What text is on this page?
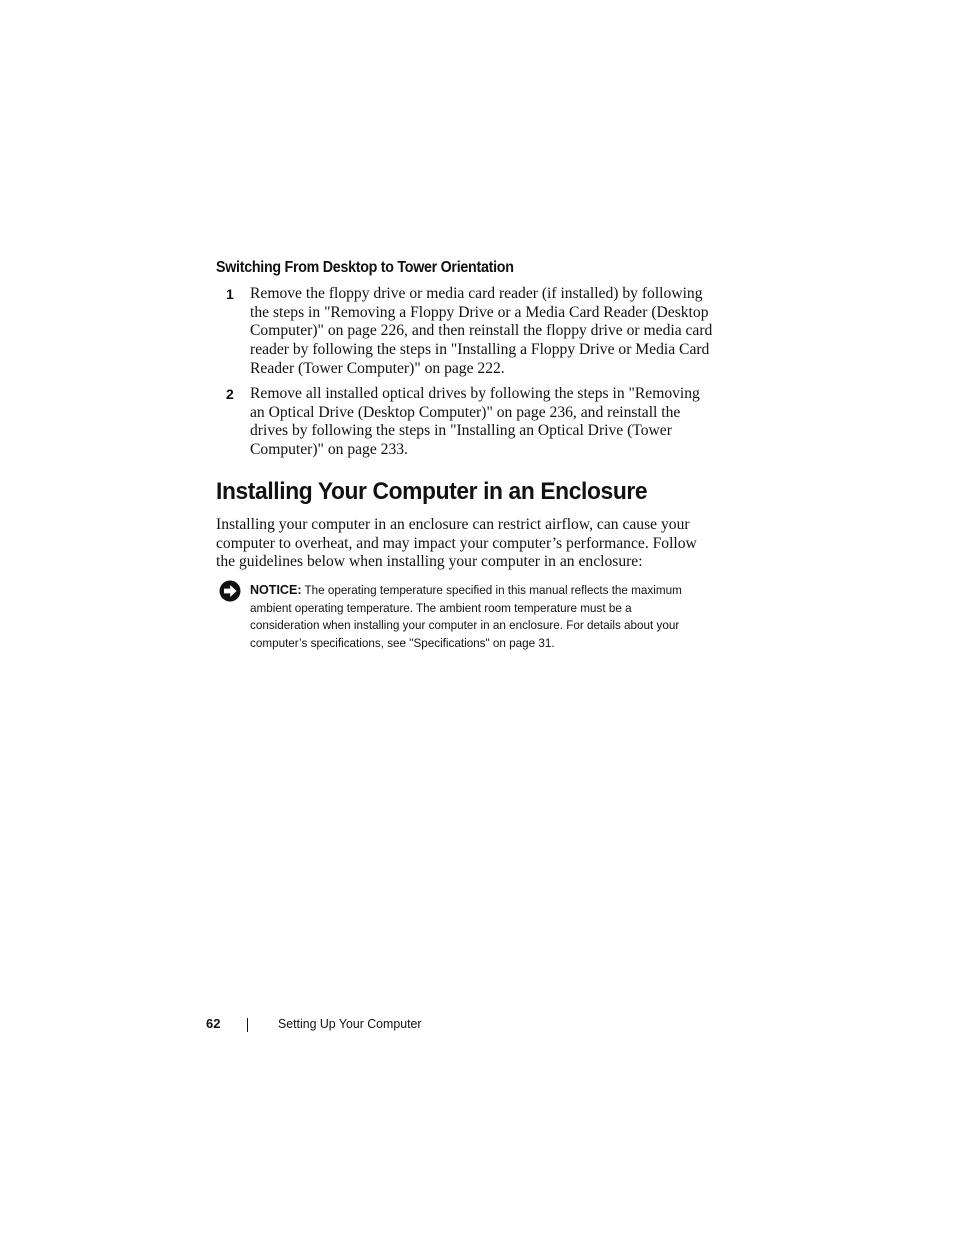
Switching From Desktop to Tower Orientation
1 Remove the floppy drive or media card reader (if installed) by following the steps in "Removing a Floppy Drive or a Media Card Reader (Desktop Computer)" on page 226, and then reinstall the floppy drive or media card reader by following the steps in "Installing a Floppy Drive or Media Card Reader (Tower Computer)" on page 222.

2 Remove all installed optical drives by following the steps in "Removing an Optical Drive (Desktop Computer)" on page 236, and reinstall the drives by following the steps in "Installing an Optical Drive (Tower Computer)" on page 233.

Installing Your Computer in an Enclosure

Installing your computer in an enclosure can restrict airflow, can cause your computer to overheat, and may impact your computer’s performance. Follow the guidelines below when installing your computer in an enclosure:

NOTICE: The operating temperature specified in this manual reflects the maximum ambient operating temperature. The ambient room temperature must be a consideration when installing your computer in an enclosure. For details about your computer’s specifications, see "Specifications" on page 31.

62	Setting Up Your Computer
